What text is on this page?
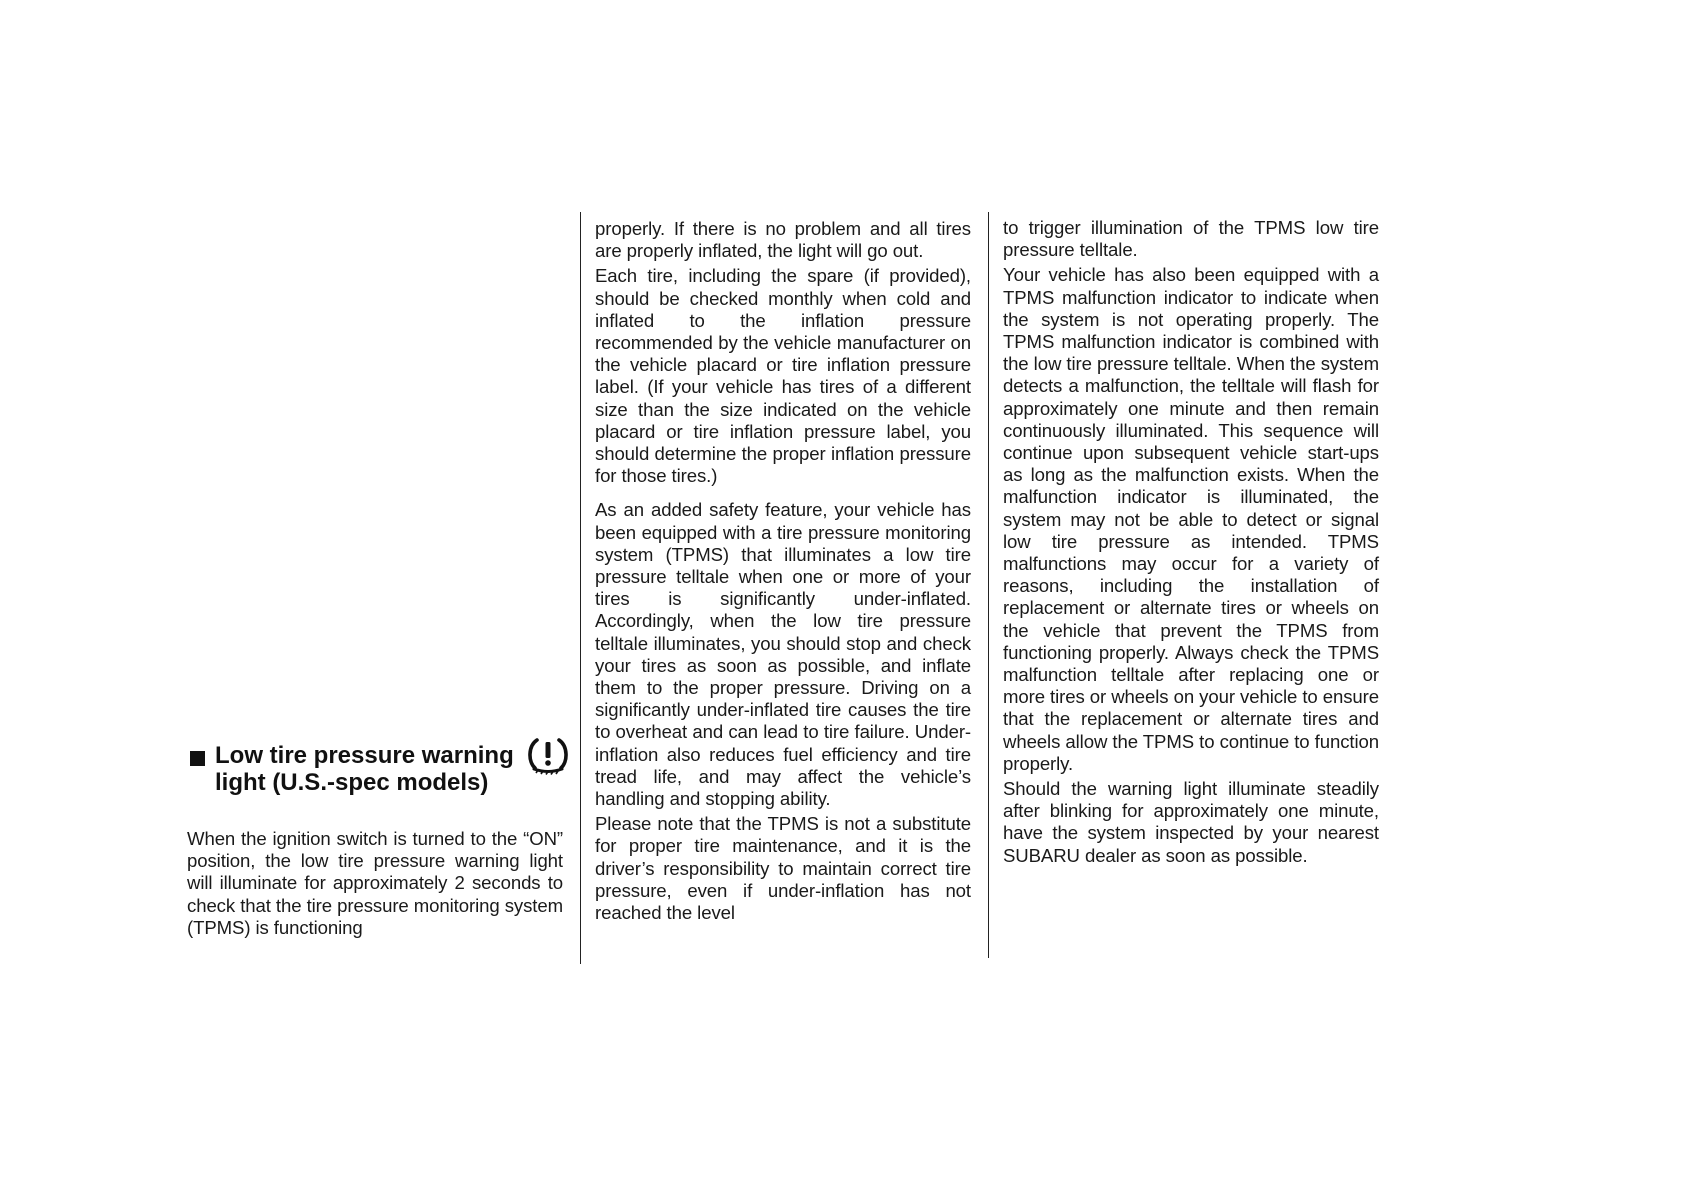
Low tire pressure warning light (U.S.-spec models)

When the ignition switch is turned to the “ON” position, the low tire pressure warning light will illuminate for approximately 2 seconds to check that the tire pressure monitoring system (TPMS) is functioning

properly. If there is no problem and all tires are properly inflated, the light will go out.

Each tire, including the spare (if provided), should be checked monthly when cold and inflated to the inflation pressure recommended by the vehicle manufacturer on the vehicle placard or tire inflation pressure label. (If your vehicle has tires of a different size than the size indicated on the vehicle placard or tire inflation pressure label, you should determine the proper inflation pressure for those tires.)

As an added safety feature, your vehicle has been equipped with a tire pressure monitoring system (TPMS) that illuminates a low tire pressure telltale when one or more of your tires is significantly under-inflated. Accordingly, when the low tire pressure telltale illuminates, you should stop and check your tires as soon as possible, and inflate them to the proper pressure. Driving on a significantly under-inflated tire causes the tire to overheat and can lead to tire failure. Under-inflation also reduces fuel efficiency and tire tread life, and may affect the vehicle’s handling and stopping ability.

Please note that the TPMS is not a substitute for proper tire maintenance, and it is the driver’s responsibility to maintain correct tire pressure, even if under-inflation has not reached the level

to trigger illumination of the TPMS low tire pressure telltale.

Your vehicle has also been equipped with a TPMS malfunction indicator to indicate when the system is not operating properly. The TPMS malfunction indicator is combined with the low tire pressure telltale. When the system detects a malfunction, the telltale will flash for approximately one minute and then remain continuously illuminated. This sequence will continue upon subsequent vehicle start-ups as long as the malfunction exists. When the malfunction indicator is illuminated, the system may not be able to detect or signal low tire pressure as intended. TPMS malfunctions may occur for a variety of reasons, including the installation of replacement or alternate tires or wheels on the vehicle that prevent the TPMS from functioning properly. Always check the TPMS malfunction telltale after replacing one or more tires or wheels on your vehicle to ensure that the replacement or alternate tires and wheels allow the TPMS to continue to function properly.

Should the warning light illuminate steadily after blinking for approximately one minute, have the system inspected by your nearest SUBARU dealer as soon as possible.
